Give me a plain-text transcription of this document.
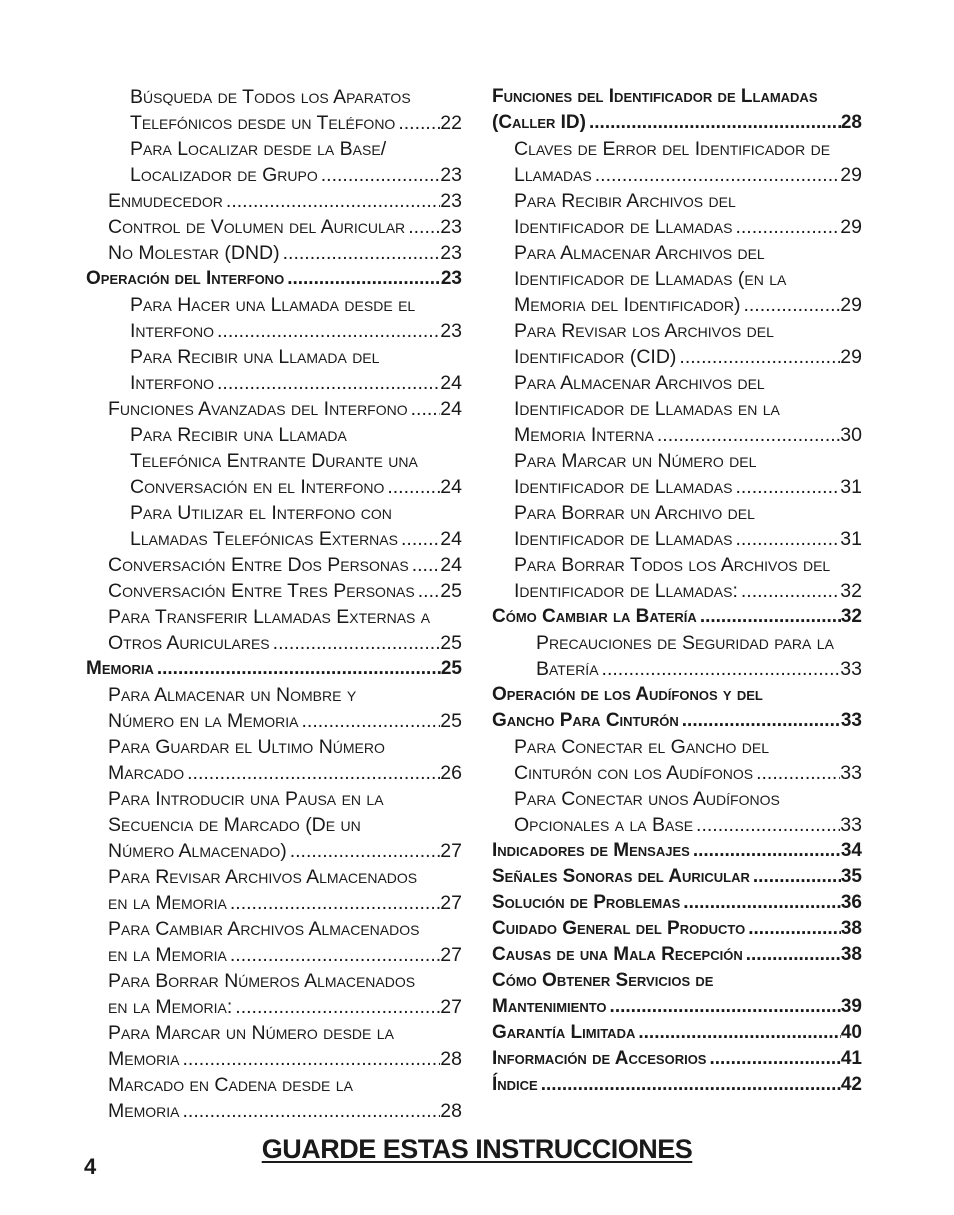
Búsqueda de Todos los Aparatos
Telefónicos desde un Teléfono ..... 22
Para Localizar desde la Base/
Localizador de Grupo .....	23
Enmudecedor .....	23
Control de Volumen del Auricular ..... 23
No Molestar (DND) .....	23
Operación del Interfono .....	23
Para Hacer una Llamada desde el
Interfono .....	23
Para Recibir una Llamada del
Interfono .....	24
Funciones Avanzadas del Interfono ..... 24
Para Recibir una Llamada
Telefónica Entrante Durante una
Conversación en el Interfono .....	24
Para Utilizar el Interfono con
Llamadas Telefónicas Externas ..... 24
Conversación Entre Dos Personas ..... 24
Conversación Entre Tres Personas ..... 25
Para Transferir Llamadas Externas a
Otros Auriculares .....	25
Memoria .....	25
Para Almacenar un Nombre y
Número en la Memoria .....	25
Para Guardar el Ultimo Número
Marcado .....	26
Para Introducir una Pausa en la
Secuencia de Marcado (De un
Número Almacenado) .....	27
Para Revisar Archivos Almacenados
en la Memoria .....	27
Para Cambiar Archivos Almacenados
en la Memoria .....	27
Para Borrar Números Almacenados
en la Memoria: .....	27
Para Marcar un Número desde la
Memoria .....	28
Marcado en Cadena desde la
Memoria .....	28
Funciones del Identificador de Llamadas
(Caller ID) .....	28
Claves de Error del Identificador de
Llamadas .....	29
Para Recibir Archivos del
Identificador de Llamadas .....	29
Para Almacenar Archivos del
Identificador de Llamadas (en la
Memoria del Identificador) .....	29
Para Revisar los Archivos del
Identificador (CID) .....	29
Para Almacenar Archivos del
Identificador de Llamadas en la
Memoria Interna .....	30
Para Marcar un Número del
Identificador de Llamadas .....	31
Para Borrar un Archivo del
Identificador de Llamadas .....	31
Para Borrar Todos los Archivos del
Identificador de Llamadas: .....	32
Cómo Cambiar la Batería .....	32
Precauciones de Seguridad para la
Batería .....	33
Operación de los Audífonos y del
Gancho Para Cinturón .....	33
Para Conectar el Gancho del
Cinturón con los Audífonos .....	33
Para Conectar unos Audífonos
Opcionales a la Base .....	33
Indicadores de Mensajes .....	34
Señales Sonoras del Auricular .....	35
Solución de Problemas .....	36
Cuidado General del Producto .....	38
Causas de una Mala Recepción .....	38
Cómo Obtener Servicios de
Mantenimiento .....	39
Garantía Limitada .....	40
Información de Accesorios .....	41
Índice .....	42
4
GUARDE ESTAS INSTRUCCIONES
